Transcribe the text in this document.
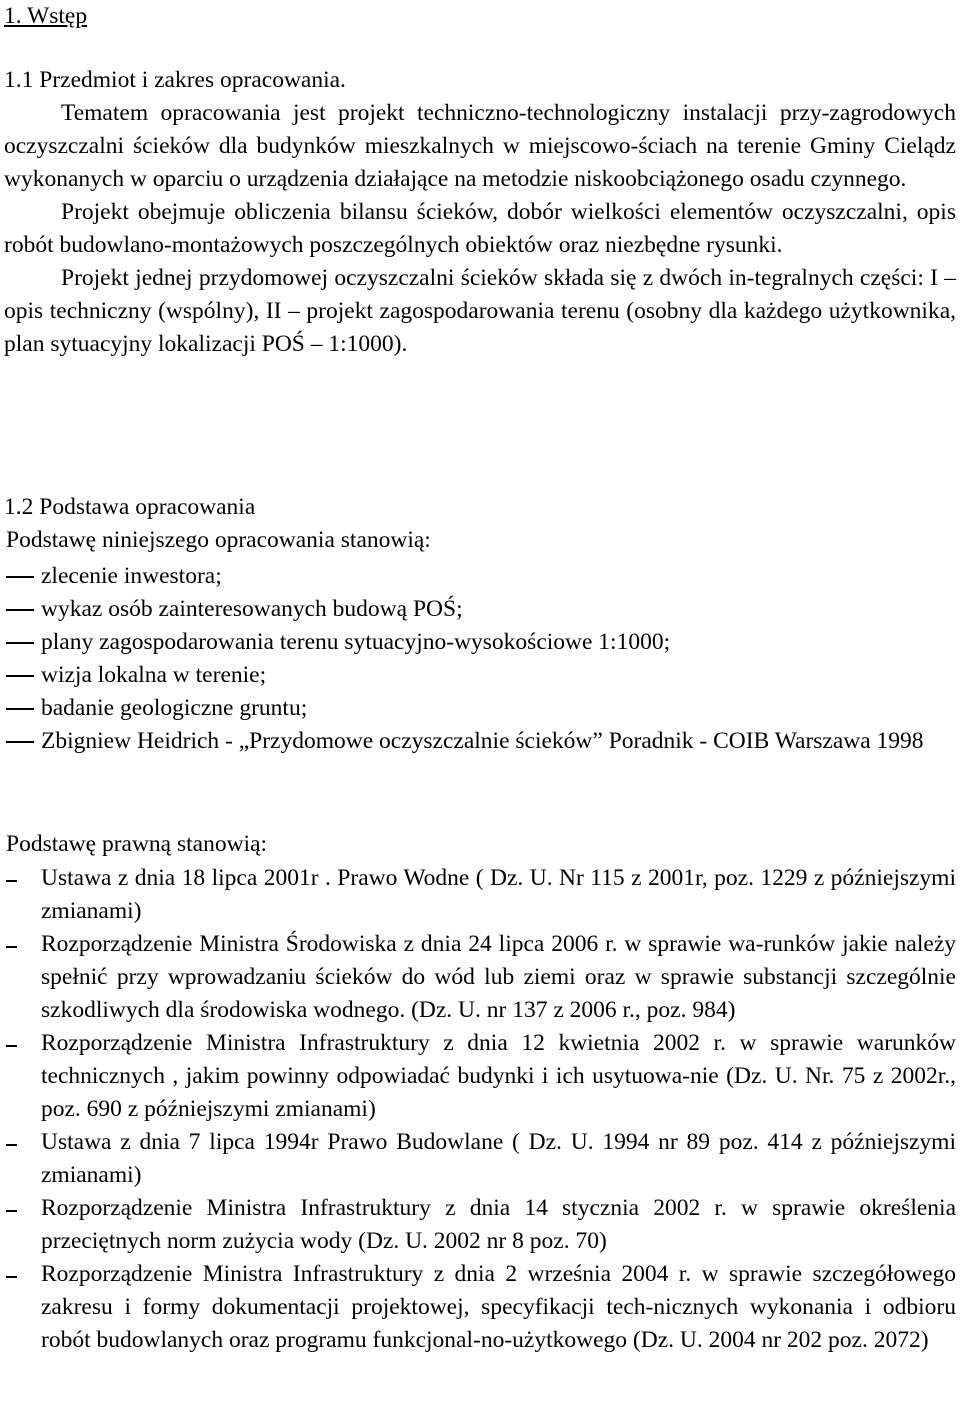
1. Wstęp
1.1 Przedmiot i zakres opracowania.
Tematem opracowania jest projekt techniczno-technologiczny instalacji przy-zagrodowych oczyszczalni ścieków dla budynków mieszkalnych w miejscowo-ściach na terenie Gminy Cielądz wykonanych w oparciu o urządzenia działające na metodzie niskoobciążonego osadu czynnego.
Projekt obejmuje obliczenia bilansu ścieków, dobór wielkości elementów oczyszczalni, opis robót budowlano-montażowych poszczególnych obiektów oraz niezbędne rysunki.
Projekt jednej przydomowej oczyszczalni ścieków składa się z dwóch in-tegralnych części: I – opis techniczny (wspólny), II – projekt zagospodarowania terenu (osobny dla każdego użytkownika, plan sytuacyjny lokalizacji POŚ – 1:1000).
1.2 Podstawa opracowania
Podstawę niniejszego opracowania stanowią:
zlecenie inwestora;
wykaz osób zainteresowanych budową POŚ;
plany zagospodarowania terenu sytuacyjno-wysokościowe 1:1000;
wizja lokalna w terenie;
badanie geologiczne gruntu;
Zbigniew Heidrich - „Przydomowe oczyszczalnie ścieków” Poradnik - COIB Warszawa 1998
Podstawę prawną stanowią:
Ustawa z dnia 18 lipca 2001r . Prawo Wodne ( Dz. U. Nr 115 z 2001r, poz. 1229 z późniejszymi zmianami)
Rozporządzenie Ministra Środowiska z dnia 24 lipca 2006 r. w sprawie wa-runków jakie należy spełnić przy wprowadzaniu ścieków do wód lub ziemi oraz w sprawie substancji szczególnie szkodliwych dla środowiska wodnego. (Dz. U. nr 137 z 2006 r., poz. 984)
Rozporządzenie Ministra Infrastruktury z dnia 12 kwietnia 2002 r. w sprawie warunków technicznych , jakim powinny odpowiadać budynki i ich usytuowa-nie (Dz. U. Nr. 75 z 2002r., poz. 690 z późniejszymi zmianami)
Ustawa z dnia 7 lipca 1994r Prawo Budowlane ( Dz. U. 1994 nr 89 poz. 414 z późniejszymi zmianami)
Rozporządzenie Ministra Infrastruktury z dnia 14 stycznia 2002 r. w sprawie określenia przeciętnych norm zużycia wody (Dz. U. 2002 nr 8 poz. 70)
Rozporządzenie Ministra Infrastruktury z dnia 2 września 2004 r. w sprawie szczegółowego zakresu i formy dokumentacji projektowej, specyfikacji tech-nicznych wykonania i odbioru robót budowlanych oraz programu funkcjonal-no-użytkowego (Dz. U. 2004 nr 202 poz. 2072)
